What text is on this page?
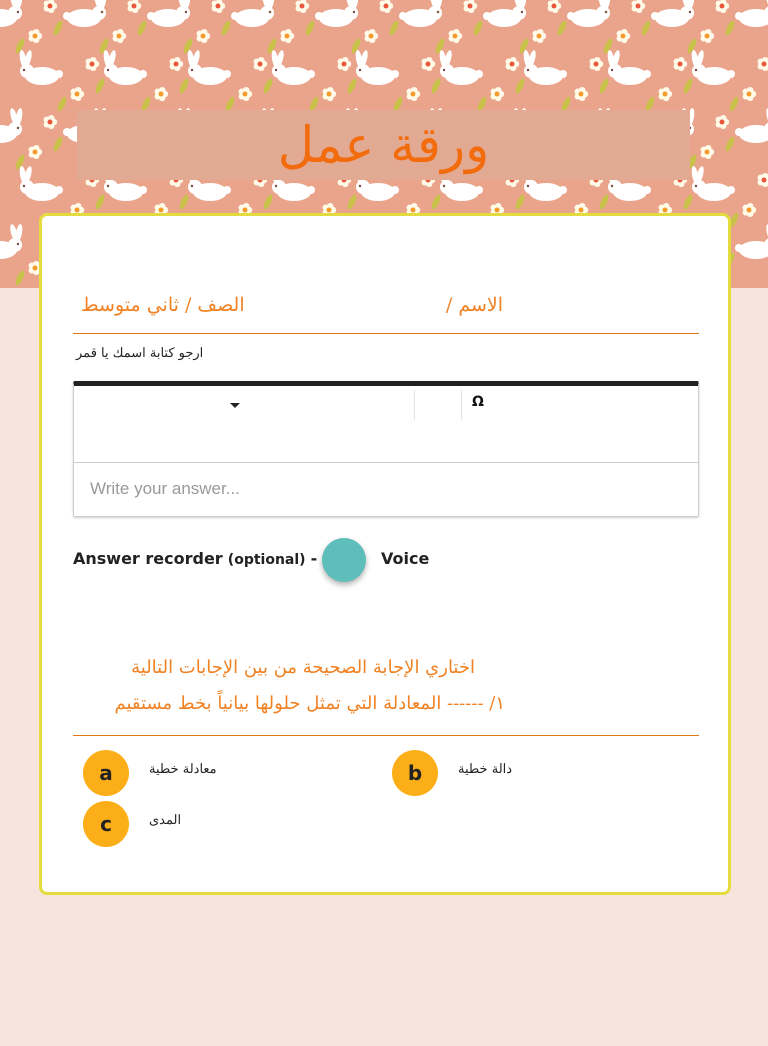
ورقة عمل
الاسم /
الصف / ثاني متوسط
ارجو كتابة اسمك يا قمر
Ω
Write your answer...
Answer recorder (optional) -	Voice
اختاري الإجابة الصحيحة من بين الإجابات التالية
١/ ------ المعادلة التي تمثل حلولها بيانياً بخط مستقيم
a	معادلة خطية	b	دالة خطية
c	المدى
